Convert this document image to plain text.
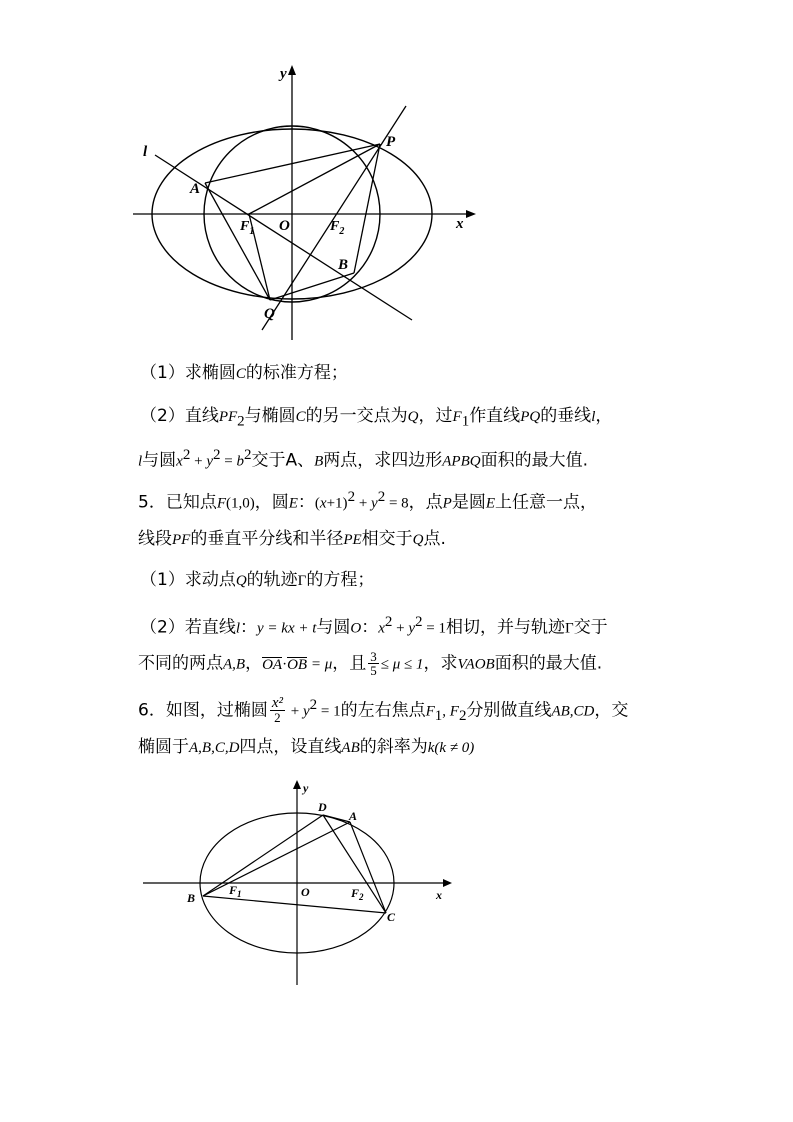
y
x
l
P
A
$F_1$ O	$F_2$
B
Q
（1）求椭圆C的标准方程；
（2）直线$PF_2$与椭圆C的另一交点为Q，过$F_1$作直线PQ的垂线l，
l与圆$x^2 + y^2 = b^2$交于A、B两点，求四边形APBQ面积的最大值.
5．已知点F(1,0)，圆E：$(x+1)^2 + y^2 = 8$，点P是圆E上任意一点，
线段PF的垂直平分线和半径PE相交于Q点.
（1）求动点Q的轨迹Γ的方程；
（2）若直线l：y = kx + t与圆O：$x^2 + y^2 = 1$相切，并与轨迹Γ交于
不同的两点A,B，OA·OB = μ，且 $\frac{3}{5} \le \mu \le 1$，求VAOB面积的最大值.
6．如图，过椭圆 $\frac{\text{x²}}{2} + y^2 = 1$的左右焦点$F_1$, $F_2$分别做直线AB,CD，交
椭圆于A,B,C,D四点，设直线AB的斜率为k(k ≠ 0)
y
x
D
A
B
$F_1$	O	$F_2$
C
